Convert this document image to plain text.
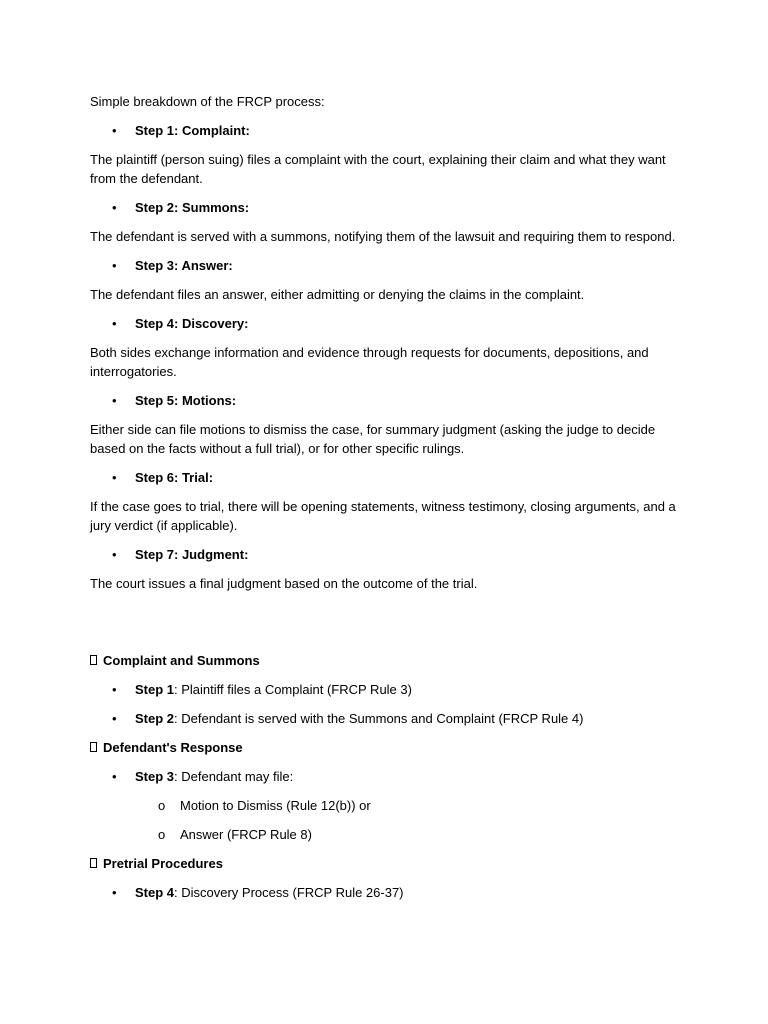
Simple breakdown of the FRCP process:

• Step 1: Complaint:

The plaintiff (person suing) files a complaint with the court, explaining their claim and what they want from the defendant.

• Step 2: Summons:

The defendant is served with a summons, notifying them of the lawsuit and requiring them to respond.

• Step 3: Answer:

The defendant files an answer, either admitting or denying the claims in the complaint.

• Step 4: Discovery:

Both sides exchange information and evidence through requests for documents, depositions, and interrogatories.

• Step 5: Motions:

Either side can file motions to dismiss the case, for summary judgment (asking the judge to decide based on the facts without a full trial), or for other specific rulings.

• Step 6: Trial:

If the case goes to trial, there will be opening statements, witness testimony, closing arguments, and a jury verdict (if applicable).

• Step 7: Judgment:

The court issues a final judgment based on the outcome of the trial.

Complaint and Summons
• Step 1: Plaintiff files a Complaint (FRCP Rule 3)
• Step 2: Defendant is served with the Summons and Complaint (FRCP Rule 4)
Defendant's Response
• Step 3: Defendant may file:
o Motion to Dismiss (Rule 12(b)) or
o Answer (FRCP Rule 8)
Pretrial Procedures
• Step 4: Discovery Process (FRCP Rule 26-37)
